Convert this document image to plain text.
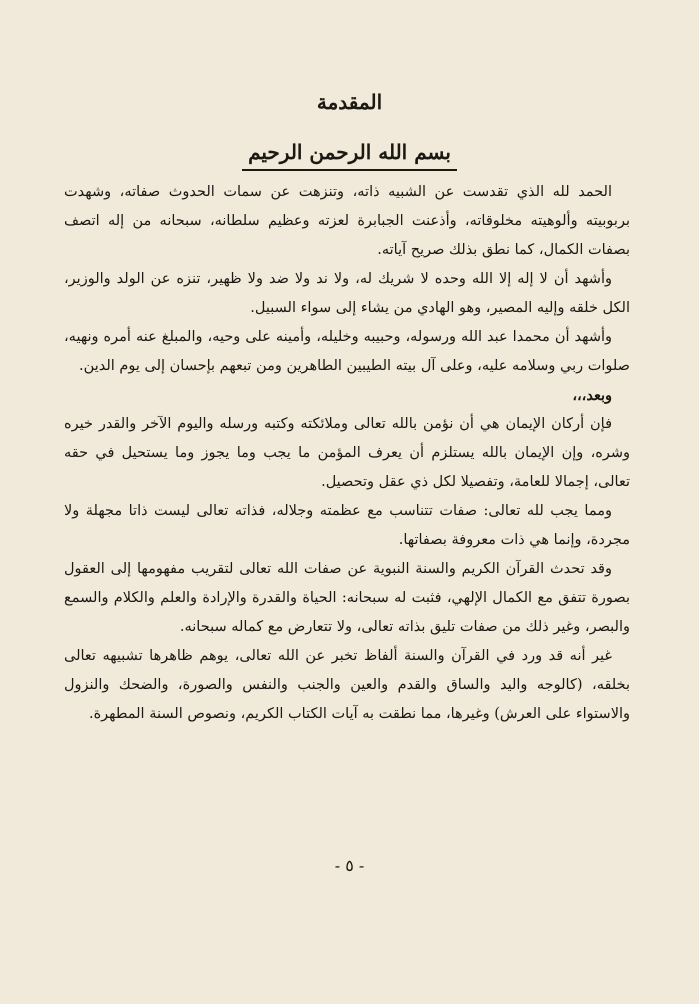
المقدمة
بسم الله الرحمن الرحيم

الحمد لله الذي تقدست عن الشبيه ذاته، وتنزهت عن سمات الحدوث صفاته، وشهدت بربوبيته وألوهيته مخلوقاته، وأذعنت الجبابرة لعزته وعظيم سلطانه، سبحانه من إله اتصف بصفات الكمال، كما نطق بذلك صريح آياته.

وأشهد أن لا إله إلا الله وحده لا شريك له، ولا ند ولا ضد ولا ظهير، تنزه عن الولد والوزير، الكل خلقه وإليه المصير، وهو الهادي من يشاء إلى سواء السبيل.

وأشهد أن محمدا عبد الله ورسوله، وحبيبه وخليله، وأمينه على وحيه، والمبلغ عنه أمره ونهيه، صلوات ربي وسلامه عليه، وعلى آل بيته الطيبين الطاهرين ومن تبعهم بإحسان إلى يوم الدين.

وبعد،،،

فإن أركان الإيمان هي أن نؤمن بالله تعالى وملائكته وكتبه ورسله واليوم الآخر والقدر خيره وشره، وإن الإيمان بالله يستلزم أن يعرف المؤمن ما يجب وما يجوز وما يستحيل في حقه تعالى، إجمالا للعامة، وتفصيلا لكل ذي عقل وتحصيل.

ومما يجب لله تعالى: صفات تتناسب مع عظمته وجلاله، فذاته تعالى ليست ذاتا مجهلة ولا مجردة، وإنما هي ذات معروفة بصفاتها.

وقد تحدث القرآن الكريم والسنة النبوية عن صفات الله تعالى لتقريب مفهومها إلى العقول بصورة تتفق مع الكمال الإلهي، فثبت له سبحانه: الحياة والقدرة والإرادة والعلم والكلام والسمع والبصر، وغير ذلك من صفات تليق بذاته تعالى، ولا تتعارض مع كماله سبحانه.

غير أنه قد ورد في القرآن والسنة ألفاظ تخبر عن الله تعالى، يوهم ظاهرها تشبيهه تعالى بخلقه، (كالوجه واليد والساق والقدم والعين والجنب والنفس والصورة، والضحك والنزول والاستواء على العرش) وغيرها، مما نطقت به آيات الكتاب الكريم، ونصوص السنة المطهرة.

- ٥ -
